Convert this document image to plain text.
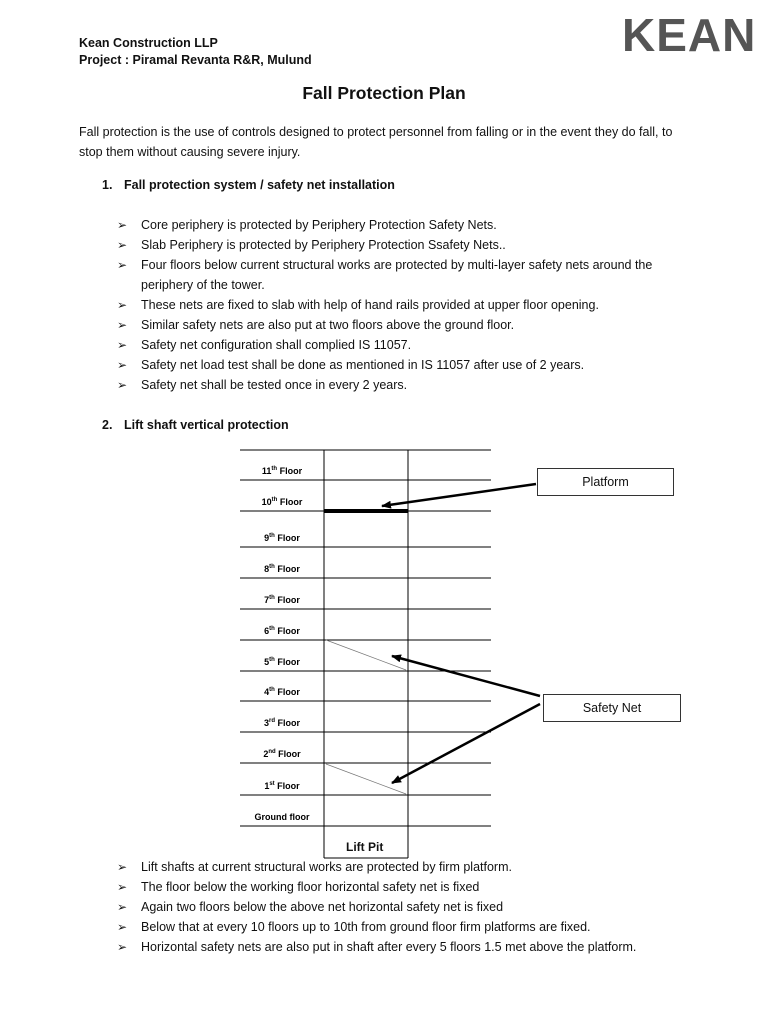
Kean Construction LLP
Project : Piramal Revanta R&R, Mulund	KEAN
Fall Protection Plan
Fall protection is the use of controls designed to protect personnel from falling or in the event they do fall, to stop them without causing severe injury.
1. Fall protection system / safety net installation
➢ Core periphery is protected by Periphery Protection Safety Nets.
➢ Slab Periphery is protected by Periphery Protection Ssafety Nets..
➢ Four floors below current structural works are protected by multi-layer safety nets around the periphery of the tower.
➢ These nets are fixed to slab with help of hand rails provided at upper floor opening.
➢ Similar safety nets are also put at two floors above the ground floor.
➢ Safety net configuration shall complied IS 11057.
➢ Safety net load test shall be done as mentioned in IS 11057 after use of 2 years.
➢ Safety net shall be tested once in every 2 years.
2. Lift shaft vertical protection
11th Floor
10th Floor
9th Floor
8th Floor
7th Floor
6th Floor
5th Floor
4th Floor
3rd Floor
2nd Floor
1st Floor
Ground floor
Lift Pit
Platform
Safety Net
➢ Lift shafts at current structural works are protected by firm platform.
➢ The floor below the working floor horizontal safety net is fixed
➢ Again two floors below the above net horizontal safety net is fixed
➢ Below that at every 10 floors up to 10th from ground floor firm platforms are fixed.
➢ Horizontal safety nets are also put in shaft after every 5 floors 1.5 met above the platform.
